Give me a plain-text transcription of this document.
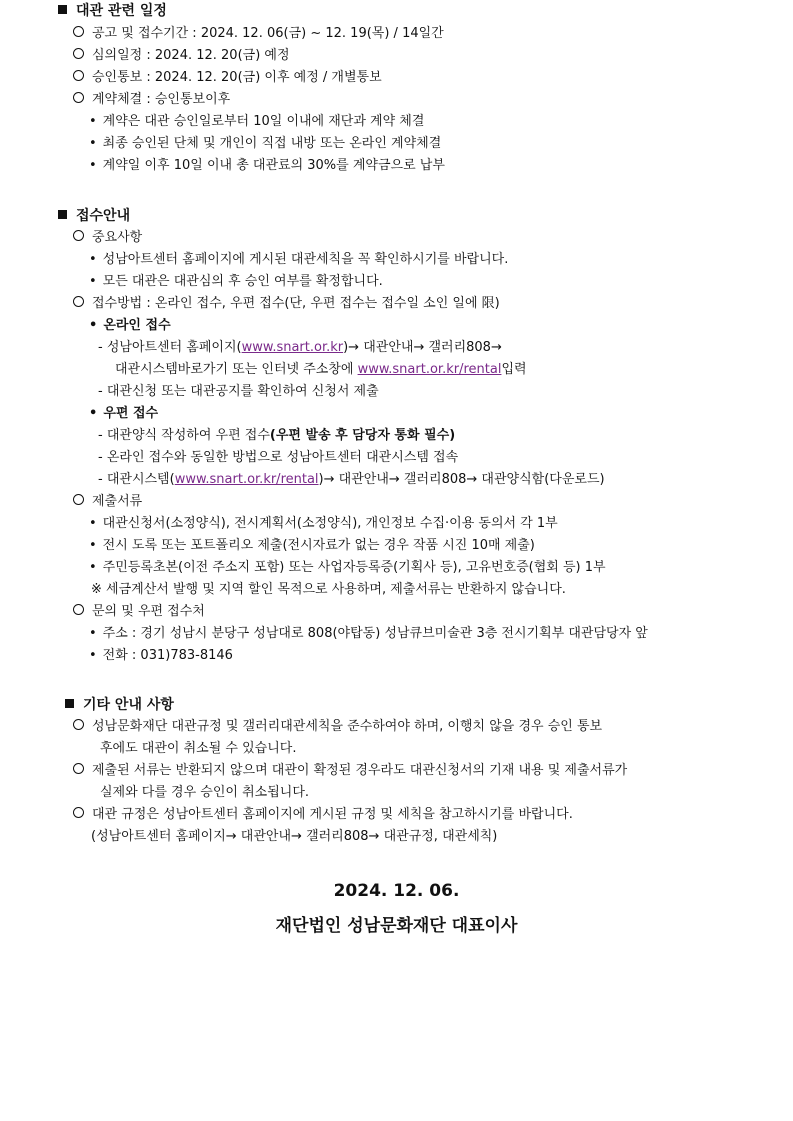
대관 관련 일정
공고 및 접수기간 : 2024. 12. 06(금) ~ 12. 19(목) / 14일간
심의일정 : 2024. 12. 20(금) 예정
승인통보 : 2024. 12. 20(금) 이후 예정 / 개별통보
계약체결 : 승인통보이후
• 계약은 대관 승인일로부터 10일 이내에 재단과 계약 체결
• 최종 승인된 단체 및 개인이 직접 내방 또는 온라인 계약체결
• 계약일 이후 10일 이내 총 대관료의 30%를 계약금으로 납부
접수안내
중요사항
• 성남아트센터 홈페이지에 게시된 대관세칙을 꼭 확인하시기를 바랍니다.
• 모든 대관은 대관심의 후 승인 여부를 확정합니다.
접수방법 : 온라인 접수, 우편 접수(단, 우편 접수는 접수일 소인 일에 限)
• 온라인 접수
- 성남아트센터 홈페이지(www.snart.or.kr)→ 대관안내→ 갤러리808→
대관시스템바로가기 또는 인터넷 주소창에 www.snart.or.kr/rental입력
- 대관신청 또는 대관공지를 확인하여 신청서 제출
• 우편 접수
- 대관양식 작성하여 우편 접수(우편 발송 후 담당자 통화 필수)
- 온라인 접수와 동일한 방법으로 성남아트센터 대관시스템 접속
- 대관시스템(www.snart.or.kr/rental)→ 대관안내→ 갤러리808→ 대관양식함(다운로드)
제출서류
• 대관신청서(소정양식), 전시계획서(소정양식), 개인정보 수집·이용 동의서 각 1부
• 전시 도록 또는 포트폴리오 제출(전시자료가 없는 경우 작품 시진 10매 제출)
• 주민등록초본(이전 주소지 포함) 또는 사업자등록증(기획사 등), 고유번호증(협회 등) 1부
※ 세금계산서 발행 및 지역 할인 목적으로 사용하며, 제출서류는 반환하지 않습니다.
문의 및 우편 접수처
• 주소 : 경기 성남시 분당구 성남대로 808(야탑동) 성남큐브미술관 3층 전시기획부 대관담당자 앞
• 전화 : 031)783-8146
기타 안내 사항
성남문화재단 대관규정 및 갤러리대관세칙을 준수하여야 하며, 이행치 않을 경우 승인 통보
후에도 대관이 취소될 수 있습니다.
제출된 서류는 반환되지 않으며 대관이 확정된 경우라도 대관신청서의 기재 내용 및 제출서류가
실제와 다를 경우 승인이 취소됩니다.
대관 규정은 성남아트센터 홈페이지에 게시된 규정 및 세칙을 참고하시기를 바랍니다.
(성남아트센터 홈페이지→ 대관안내→ 갤러리808→ 대관규정, 대관세칙)
2024. 12. 06.
재단법인 성남문화재단 대표이사
